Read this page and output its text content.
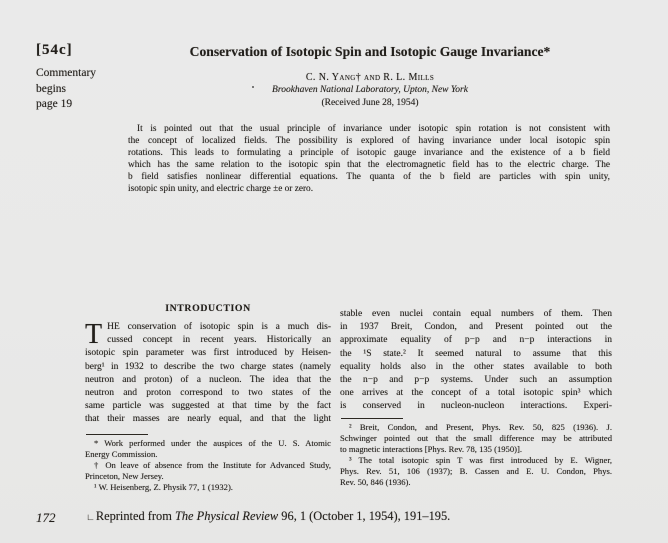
[54c]
Commentary
begins
page 19
Conservation of Isotopic Spin and Isotopic Gauge Invariance*
C. N. Yang† and R. L. Mills
Brookhaven National Laboratory, Upton, New York
(Received June 28, 1954)
It is pointed out that the usual principle of invariance under isotopic spin rotation is not consistent with
the concept of localized fields. The possibility is explored of having invariance under local isotopic spin
rotations. This leads to formulating a principle of isotopic gauge invariance and the existence of a b field
which has the same relation to the isotopic spin that the electromagnetic field has to the electric charge. The
b field satisfies nonlinear differential equations. The quanta of the b field are particles with spin unity,
isotopic spin unity, and electric charge ±e or zero.
INTRODUCTION
T HE conservation of isotopic spin is a much dis-
cussed concept in recent years. Historically an
isotopic spin parameter was first introduced by Heisen-
berg¹ in 1932 to describe the two charge states (namely
neutron and proton) of a nucleon. The idea that the
neutron and proton correspond to two states of the
same particle was suggested at that time by the fact
that their masses are nearly equal, and that the light
* Work performed under the auspices of the U. S. Atomic
Energy Commission.
† On leave of absence from the Institute for Advanced Study,
Princeton, New Jersey.
¹ W. Heisenberg, Z. Physik 77, 1 (1932).
stable even nuclei contain equal numbers of them. Then
in 1937 Breit, Condon, and Present pointed out the
approximate equality of p−p and n−p interactions in
the ¹S state.² It seemed natural to assume that this
equality holds also in the other states available to both
the n−p and p−p systems. Under such an assumption
one arrives at the concept of a total isotopic spin³ which
is conserved in nucleon-nucleon interactions. Experi-
² Breit, Condon, and Present, Phys. Rev. 50, 825 (1936). J.
Schwinger pointed out that the small difference may be attributed
to magnetic interactions [Phys. Rev. 78, 135 (1950)].
³ The total isotopic spin T was first introduced by E. Wigner,
Phys. Rev. 51, 106 (1937); B. Cassen and E. U. Condon, Phys.
Rev. 50, 846 (1936).
172	∟Reprinted from The Physical Review 96, 1 (October 1, 1954), 191–195.
